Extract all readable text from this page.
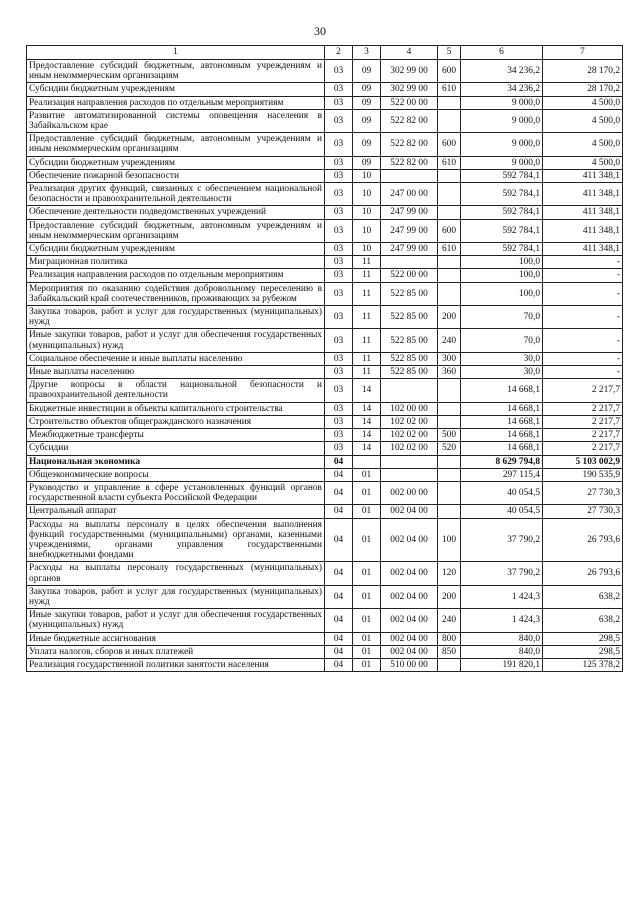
30
1	2	3	4	5	6	7
Предоставление субсидий бюджетным, автономным учреждениям и иным некоммерческим организациям	03	09	302 99 00	600	34 236,2	28 170,2
Субсидии бюджетным учреждениям	03	09	302 99 00	610	34 236,2	28 170,2
Реализация направления расходов по отдельным мероприятиям	03	09	522 00 00		9 000,0	4 500,0
Развитие автоматизированной системы оповещения населения в Забайкальском крае	03	09	522 82 00		9 000,0	4 500,0
Предоставление субсидий бюджетным, автономным учреждениям и иным некоммерческим организациям	03	09	522 82 00	600	9 000,0	4 500,0
Субсидии бюджетным учреждениям	03	09	522 82 00	610	9 000,0	4 500,0
Обеспечение пожарной безопасности	03	10			592 784,1	411 348,1
Реализация других функций, связанных с обеспечением национальной безопасности и правоохранительной деятельности	03	10	247 00 00		592 784,1	411 348,1
Обеспечение деятельности подведомственных учреждений	03	10	247 99 00		592 784,1	411 348,1
Предоставление субсидий бюджетным, автономным учреждениям и иным некоммерческим организациям	03	10	247 99 00	600	592 784,1	411 348,1
Субсидии бюджетным учреждениям	03	10	247 99 00	610	592 784,1	411 348,1
Миграционная политика	03	11			100,0	-
Реализация направления расходов по отдельным мероприятиям	03	11	522 00 00		100,0	-
Мероприятия по оказанию содействия добровольному переселению в Забайкальский край соотечественников, проживающих за рубежом	03	11	522 85 00		100,0	-
Закупка товаров, работ и услуг для государственных (муниципальных) нужд	03	11	522 85 00	200	70,0	-
Иные закупки товаров, работ и услуг для обеспечения государственных (муниципальных) нужд	03	11	522 85 00	240	70,0	-
Социальное обеспечение и иные выплаты населению	03	11	522 85 00	300	30,0	-
Иные выплаты населению	03	11	522 85 00	360	30,0	-
Другие вопросы в области национальной безопасности и правоохранительной деятельности	03	14			14 668,1	2 217,7
Бюджетные инвестиции в объекты капитального строительства	03	14	102 00 00		14 668,1	2 217,7
Строительство объектов общегражданского назначения	03	14	102 02 00		14 668,1	2 217,7
Межбюджетные трансферты	03	14	102 02 00	500	14 668,1	2 217,7
Субсидии	03	14	102 02 00	520	14 668,1	2 217,7
Национальная экономика	04				8 629 794,8	5 103 002,9
Общеэкономические вопросы	04	01			297 115,4	190 535,9
Руководство и управление в сфере установленных функций органов государственной власти субъекта Российской Федерации	04	01	002 00 00		40 054,5	27 730,3
Центральный аппарат	04	01	002 04 00		40 054,5	27 730,3
Расходы на выплаты персоналу в целях обеспечения выполнения функций государственными (муниципальными) органами, казенными учреждениями, органами управления государственными внебюджетными фондами	04	01	002 04 00	100	37 790,2	26 793,6
Расходы на выплаты персоналу государственных (муниципальных) органов	04	01	002 04 00	120	37 790,2	26 793,6
Закупка товаров, работ и услуг для государственных (муниципальных) нужд	04	01	002 04 00	200	1 424,3	638,2
Иные закупки товаров, работ и услуг для обеспечения государственных (муниципальных) нужд	04	01	002 04 00	240	1 424,3	638,2
Иные бюджетные ассигнования	04	01	002 04 00	800	840,0	298,5
Уплата налогов, сборов и иных платежей	04	01	002 04 00	850	840,0	298,5
Реализация государственной политики занятости населения	04	01	510 00 00		191 820,1	125 378,2
